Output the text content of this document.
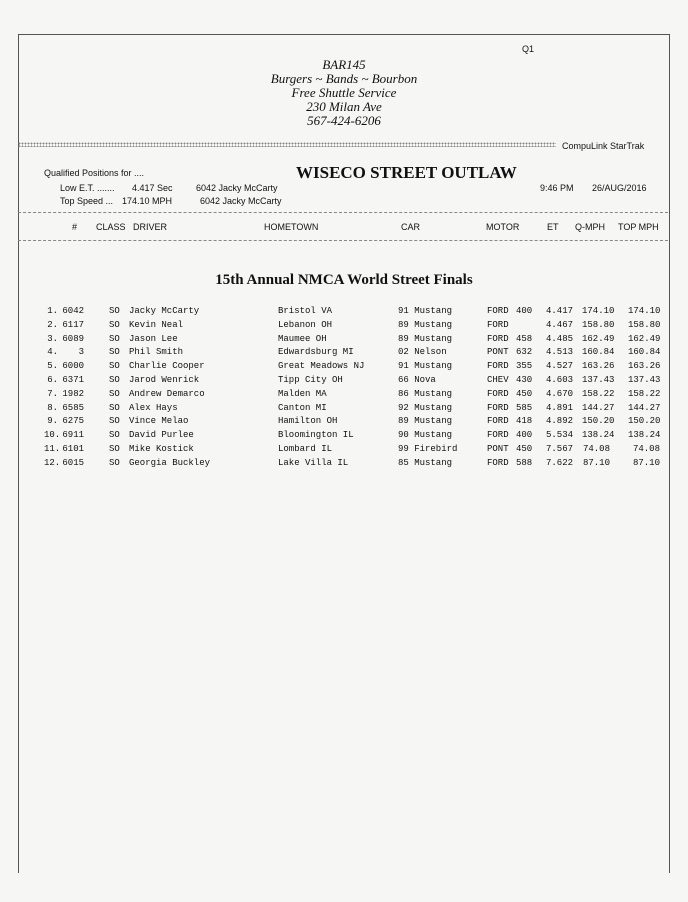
Q1
BAR145
Burgers ~ Bands ~ Bourbon
Free Shuttle Service
230 Milan Ave
567-424-6206
CompuLink StarTrak
Qualified Positions for ....	WISECO STREET OUTLAW
Low E.T. ....... 4.417 Sec	6042 Jacky McCarty
Top Speed ... 174.10 MPH	6042 Jacky McCarty
9:46 PM 26/AUG/2016
# CLASS DRIVER	HOMETOWN	CAR	MOTOR	ET Q-MPH TOP MPH
15th Annual NMCA World Street Finals
1. 6042	SO Jacky McCarty	Bristol VA	91 Mustang	FORD 400 4.417 174.10 174.10
2. 6117	SO Kevin Neal	Lebanon OH	89 Mustang	FORD	4.467 158.80 158.80
3. 6089	SO Jason Lee	Maumee OH	89 Mustang	FORD 458 4.485 162.49 162.49
4.	3	SO Phil Smith	Edwardsburg MI	02 Nelson	PONT 632 4.513 160.84 160.84
5. 6000	SO Charlie Cooper	Great Meadows NJ	91 Mustang	FORD 355 4.527 163.26 163.26
6. 6371	SO Jarod Wenrick	Tipp City OH	66 Nova	CHEV 430 4.603 137.43 137.43
7. 1982	SO Andrew Demarco	Malden MA	86 Mustang	FORD 450 4.670 158.22 158.22
8. 6585	SO Alex Hays	Canton MI	92 Mustang	FORD 585 4.891 144.27 144.27
9. 6275	SO Vince Melao	Hamilton OH	89 Mustang	FORD 418 4.892 150.20 150.20
10. 6911	SO David Purlee	Bloomington IL	90 Mustang	FORD 400 5.534 138.24 138.24
11. 6101	SO Mike Kostick	Lombard IL	99 Firebird	PONT 450 7.567 74.08	74.08
12. 6015	SO Georgia Buckley	Lake Villa IL	85 Mustang	FORD 588 7.622 87.10	87.10
